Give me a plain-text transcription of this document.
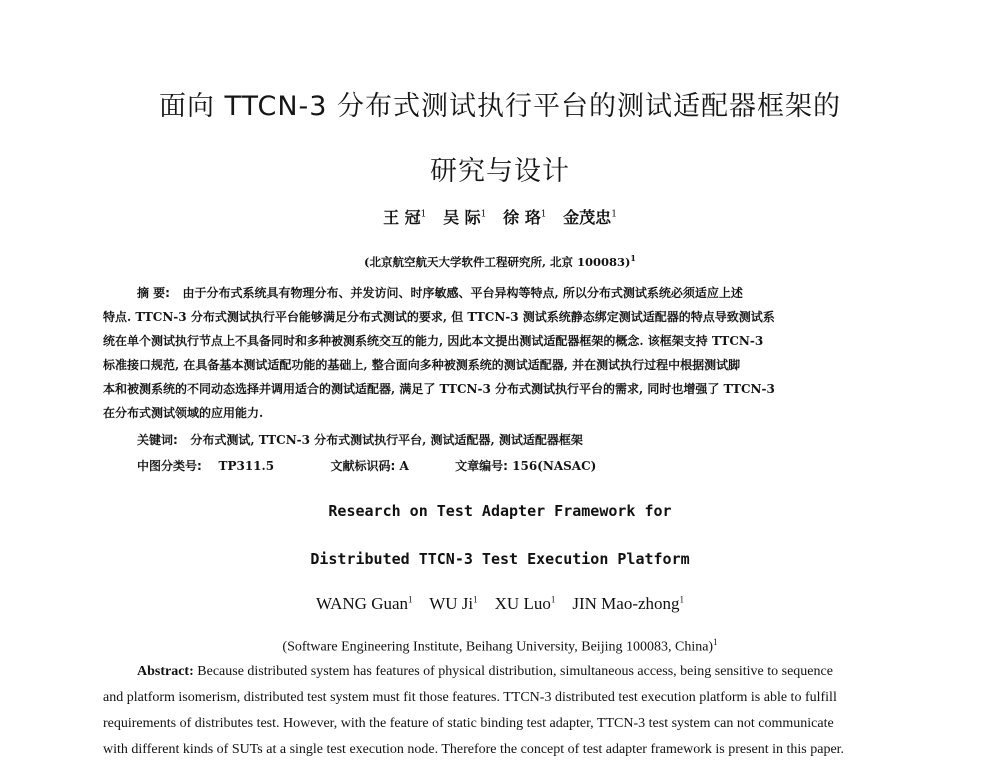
面向 TTCN-3 分布式测试执行平台的测试适配器框架的
研究与设计
王 冠$^1$ 吴 际$^1$ 徐 珞$^1$ 金茂忠$^1$
(北京航空航天大学软件工程研究所, 北京 100083)$^1$
摘 要: 由于分布式系统具有物理分布、并发访问、时序敏感、平台异构等特点, 所以分布式测试系统必须适应上述
特点. TTCN-3 分布式测试执行平台能够满足分布式测试的要求, 但 TTCN-3 测试系统静态绑定测试适配器的特点导致测试系
统在单个测试执行节点上不具备同时和多种被测系统交互的能力, 因此本文提出测试适配器框架的概念. 该框架支持 TTCN-3
标准接口规范, 在具备基本测试适配功能的基础上, 整合面向多种被测系统的测试适配器, 并在测试执行过程中根据测试脚
本和被测系统的不同动态选择并调用适合的测试适配器, 满足了 TTCN-3 分布式测试执行平台的需求, 同时也增强了 TTCN-3
在分布式测试领域的应用能力.
关键词: 分布式测试, TTCN-3 分布式测试执行平台, 测试适配器, 测试适配器框架
中图分类号: TP311.5	文献标识码: A	文章编号: 156(NASAC)
Research on Test Adapter Framework for
Distributed TTCN-3 Test Execution Platform
WANG Guan$^1$ WU Ji$^1$ XU Luo$^1$ JIN Mao-zhong$^1$
(Software Engineering Institute, Beihang University, Beijing 100083, China)$^1$
Abstract: Because distributed system has features of physical distribution, simultaneous access, being sensitive to sequence
and platform isomerism, distributed test system must fit those features. TTCN-3 distributed test execution platform is able to fulfill
requirements of distributes test. However, with the feature of static binding test adapter, TTCN-3 test system can not communicate
with different kinds of SUTs at a single test execution node. Therefore the concept of test adapter framework is present in this paper.
